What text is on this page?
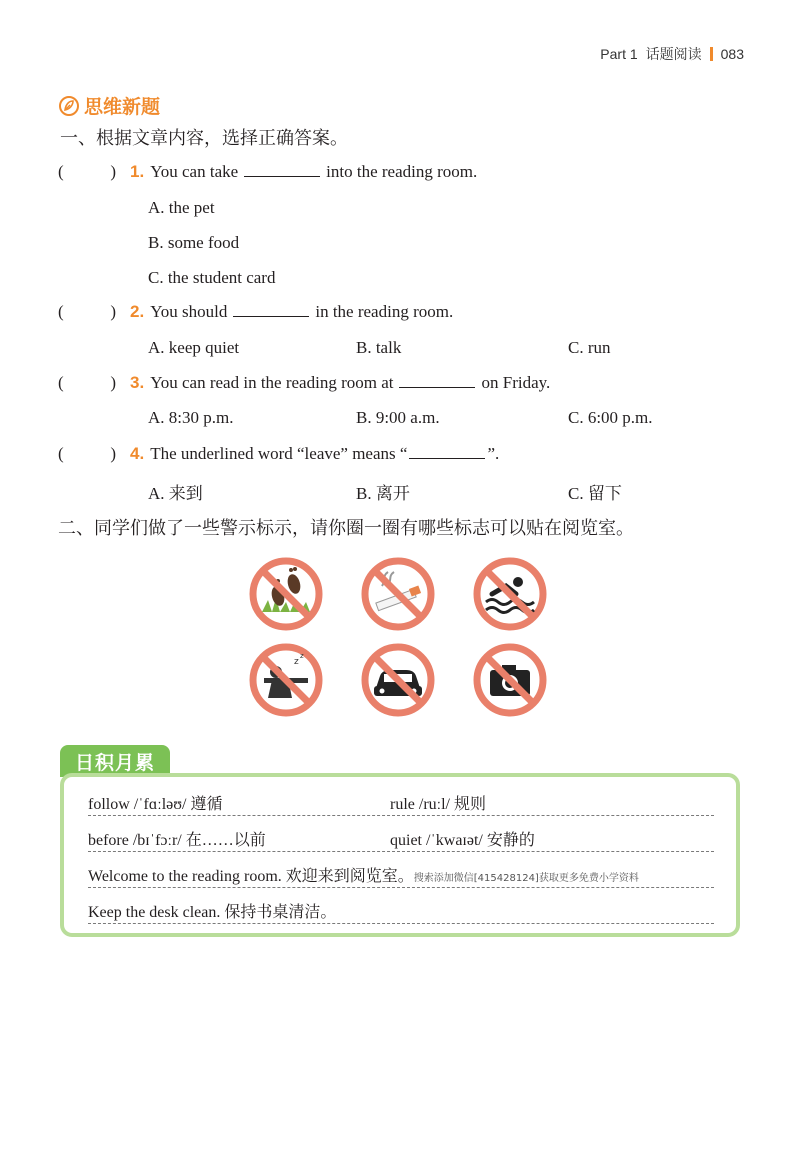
Part 1 话题阅读 083
思维新题
一、根据文章内容，选择正确答案。
(	) 1. You can take	into the reading room.
A. the pet
B. some food
C. the student card
(	) 2. You should	in the reading room.
A. keep quiet	B. talk	C. run
(	) 3. You can read in the reading room at	on Friday.
A. 8:30 p.m.	B. 9:00 a.m.	C. 6:00 p.m.
(	) 4. The underlined word “leave” means “	”.
A. 来到	B. 离开	C. 留下
二、同学们做了一些警示标示，请你圈一圈有哪些标志可以贴在阅览室。
z
z
日积月累
follow /ˈfɑːləʊ/ 遵循	rule /ruːl/ 规则
before /bɪˈfɔːr/ 在……以前	quiet /ˈkwaɪət/ 安静的
Welcome to the reading room. 欢迎来到阅览室。搜索添加微信[415428124]获取更多免费小学资料
Keep the desk clean. 保持书桌清洁。
